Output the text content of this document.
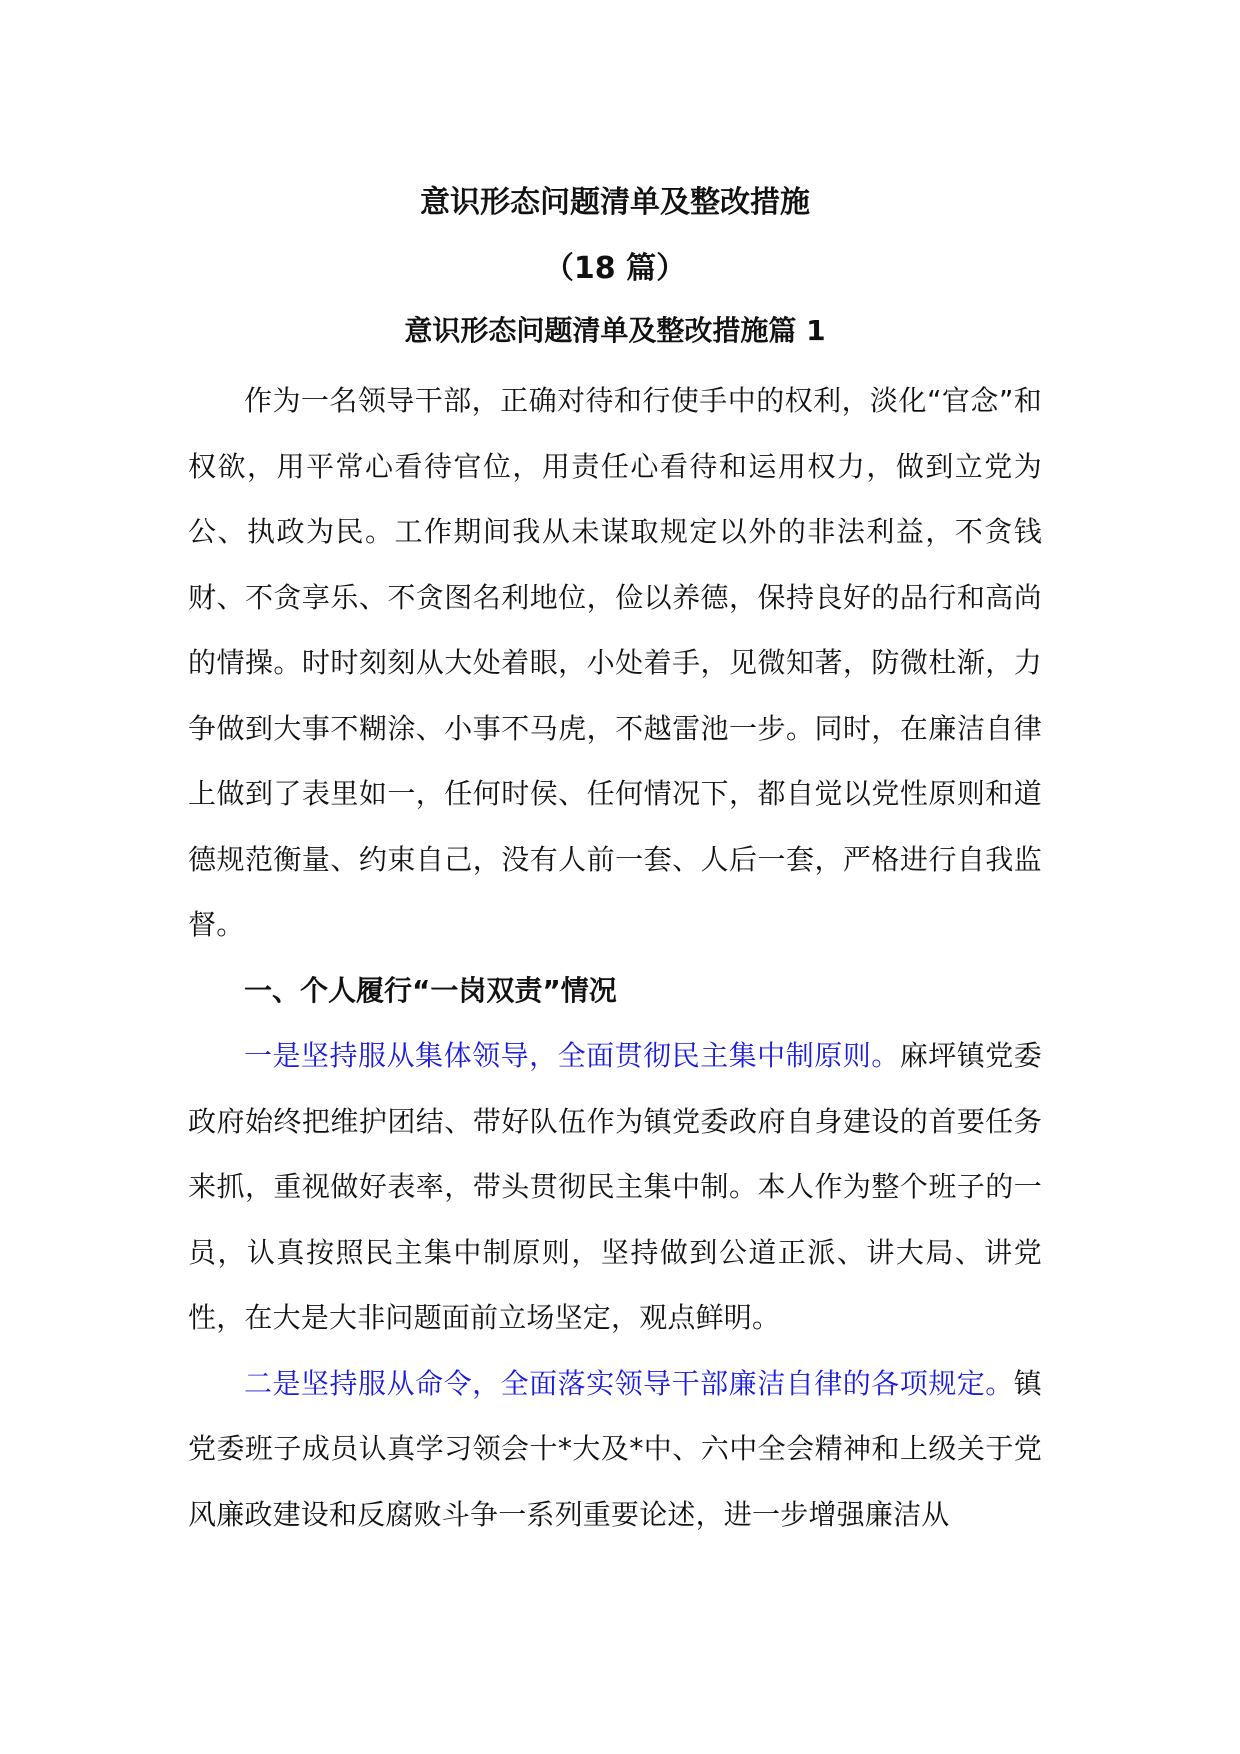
意识形态问题清单及整改措施
（18 篇）
意识形态问题清单及整改措施篇 1

作为一名领导干部，正确对待和行使手中的权利，淡化“官念”和权欲，用平常心看待官位，用责任心看待和运用权力，做到立党为公、执政为民。工作期间我从未谋取规定以外的非法利益，不贪钱财、不贪享乐、不贪图名利地位，俭以养德，保持良好的品行和高尚的情操。时时刻刻从大处着眼，小处着手，见微知著，防微杜渐，力争做到大事不糊涂、小事不马虎，不越雷池一步。同时，在廉洁自律上做到了表里如一，任何时侯、任何情况下，都自觉以党性原则和道德规范衡量、约束自己，没有人前一套、人后一套，严格进行自我监督。

一、个人履行“一岗双责”情况

一是坚持服从集体领导，全面贯彻民主集中制原则。麻坪镇党委政府始终把维护团结、带好队伍作为镇党委政府自身建设的首要任务来抓，重视做好表率，带头贯彻民主集中制。本人作为整个班子的一员，认真按照民主集中制原则，坚持做到公道正派、讲大局、讲党性，在大是大非问题面前立场坚定，观点鲜明。

二是坚持服从命令，全面落实领导干部廉洁自律的各项规定。镇党委班子成员认真学习领会十*大及*中、六中全会精神和上级关于党风廉政建设和反腐败斗争一系列重要论述，进一步增强廉洁从
